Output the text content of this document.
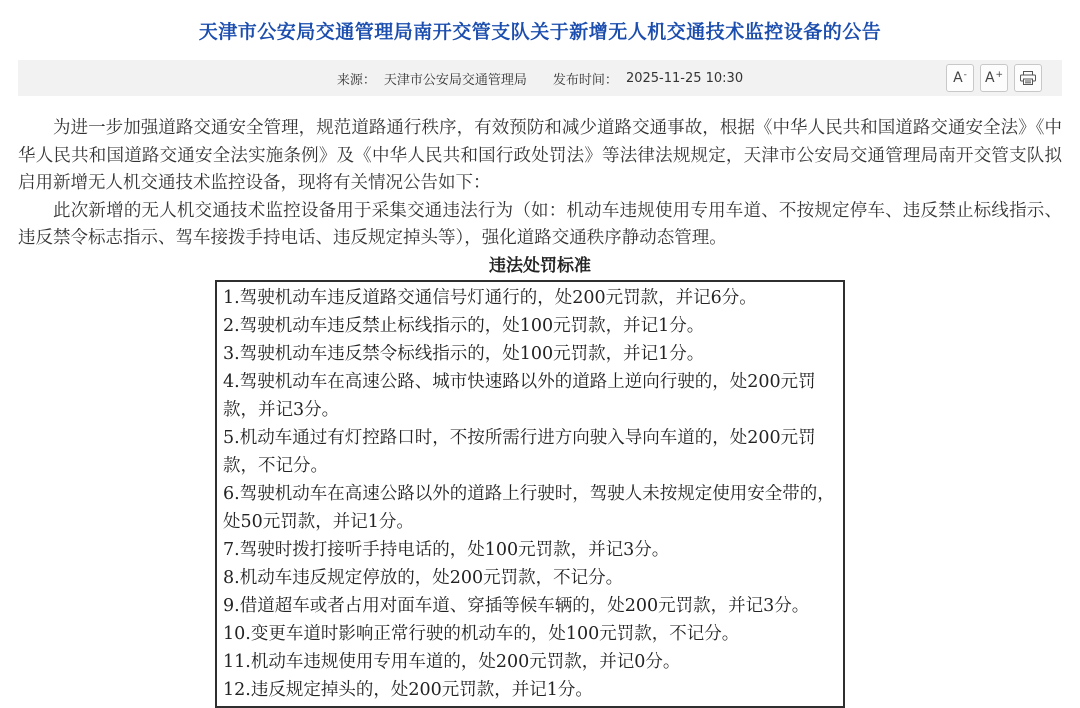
天津市公安局交通管理局南开交管支队关于新增无人机交通技术监控设备的公告
来源： 天津市公安局交通管理局 发布时间： 2025-11-25 10:30	A- A+

为进一步加强道路交通安全管理，规范道路通行秩序，有效预防和减少道路交通事故，根据《中华人民共和国道路交通安全法》《中华人民共和国道路交通安全法实施条例》及《中华人民共和国行政处罚法》等法律法规规定，天津市公安局交通管理局南开交管支队拟启用新增无人机交通技术监控设备，现将有关情况公告如下：

此次新增的无人机交通技术监控设备用于采集交通违法行为（如：机动车违规使用专用车道、不按规定停车、违反禁止标线指示、违反禁令标志指示、驾车接拨手持电话、违反规定掉头等），强化道路交通秩序静动态管理。

违法处罚标准
1.驾驶机动车违反道路交通信号灯通行的，处200元罚款，并记6分。
2.驾驶机动车违反禁止标线指示的，处100元罚款，并记1分。
3.驾驶机动车违反禁令标线指示的，处100元罚款，并记1分。
4.驾驶机动车在高速公路、城市快速路以外的道路上逆向行驶的，处200元罚款，并记3分。
5.机动车通过有灯控路口时，不按所需行进方向驶入导向车道的，处200元罚款，不记分。
6.驾驶机动车在高速公路以外的道路上行驶时，驾驶人未按规定使用安全带的，处50元罚款，并记1分。
7.驾驶时拨打接听手持电话的，处100元罚款，并记3分。
8.机动车违反规定停放的，处200元罚款，不记分。
9.借道超车或者占用对面车道、穿插等候车辆的，处200元罚款，并记3分。
10.变更车道时影响正常行驶的机动车的，处100元罚款，不记分。
11.机动车违规使用专用车道的，处200元罚款，并记0分。
12.违反规定掉头的，处200元罚款，并记1分。
